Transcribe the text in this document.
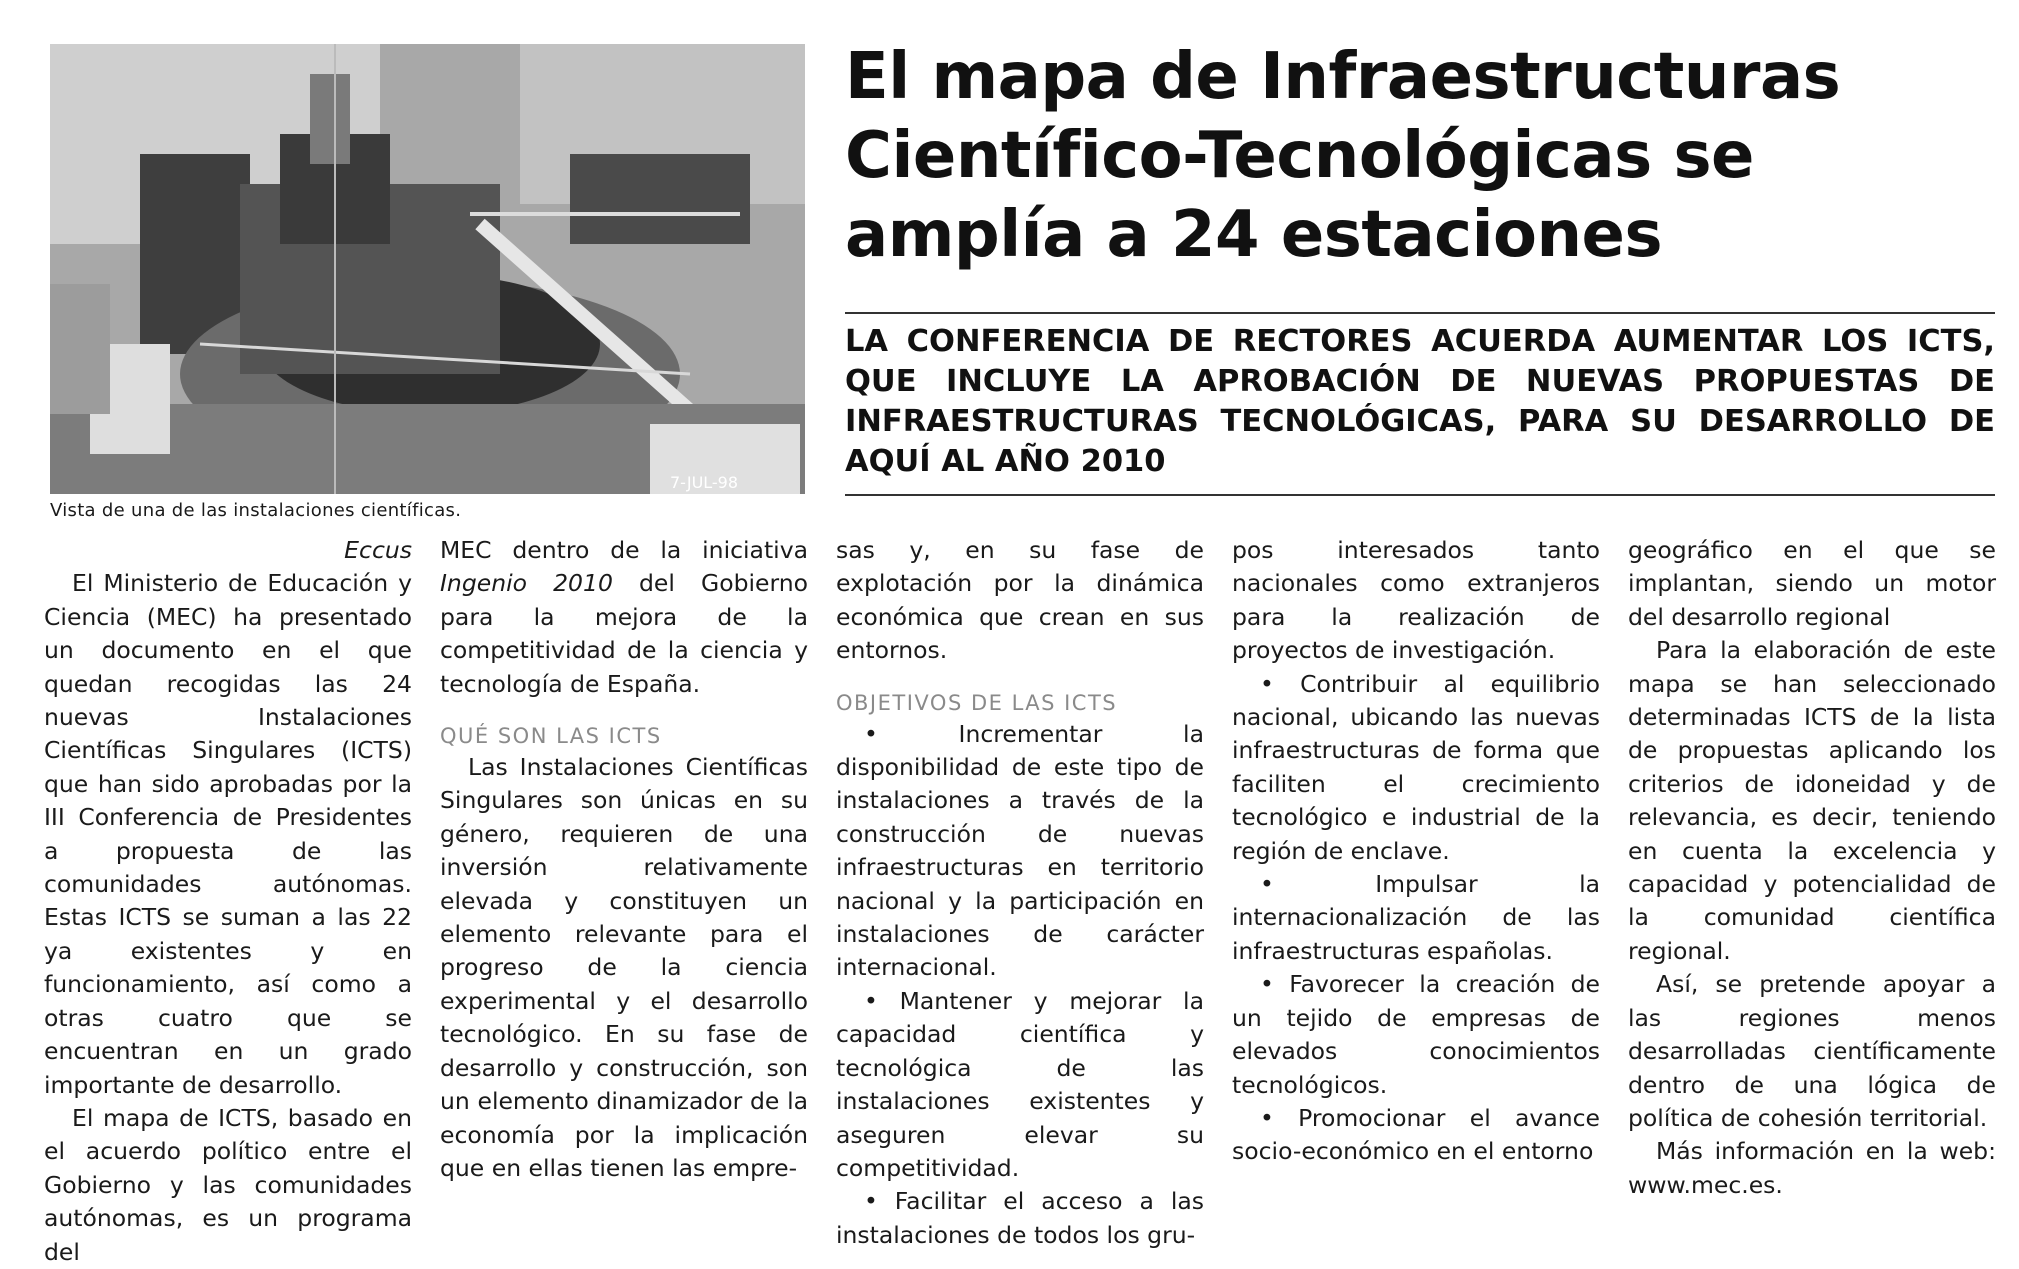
7-JUL-98
Vista de una de las instalaciones científicas.
El mapa de Infraestructuras
Científico-Tecnológicas se
amplía a 24 estaciones

LA CONFERENCIA DE RECTORES ACUERDA AUMENTAR LOS ICTS, QUE INCLUYE LA APROBACIÓN DE NUEVAS PROPUESTAS DE INFRAESTRUCTURAS TECNOLÓGICAS, PARA SU DESARROLLO DE AQUÍ AL AÑO 2010

Eccus

El Ministerio de Educación y Ciencia (MEC) ha presentado un documento en el que quedan recogidas las 24 nuevas Instalaciones Científicas Singulares (ICTS) que han sido aprobadas por la III Conferencia de Presidentes a propuesta de las comunidades autónomas. Estas ICTS se suman a las 22 ya existentes y en funcionamiento, así como a otras cuatro que se encuentran en un grado importante de desarrollo.

El mapa de ICTS, basado en el acuerdo político entre el Gobierno y las comunidades autónomas, es un programa del

MEC dentro de la iniciativa Ingenio 2010 del Gobierno para la mejora de la competitividad de la ciencia y tecnología de España.

QUÉ SON LAS ICTS

Las Instalaciones Científicas Singulares son únicas en su género, requieren de una inversión relativamente elevada y constituyen un elemento relevante para el progreso de la ciencia experimental y el desarrollo tecnológico. En su fase de desarrollo y construcción, son un elemento dinamizador de la economía por la implicación que en ellas tienen las empre-

sas y, en su fase de explotación por la dinámica económica que crean en sus entornos.

OBJETIVOS DE LAS ICTS

• Incrementar la disponibilidad de este tipo de instalaciones a través de la construcción de nuevas infraestructuras en territorio nacional y la participación en instalaciones de carácter internacional.

• Mantener y mejorar la capacidad científica y tecnológica de las instalaciones existentes y aseguren elevar su competitividad.

• Facilitar el acceso a las instalaciones de todos los gru-

pos interesados tanto nacionales como extranjeros para la realización de proyectos de investigación.

• Contribuir al equilibrio nacional, ubicando las nuevas infraestructuras de forma que faciliten el crecimiento tecnológico e industrial de la región de enclave.

• Impulsar la internacionalización de las infraestructuras españolas.

• Favorecer la creación de un tejido de empresas de elevados conocimientos tecnológicos.

• Promocionar el avance socio-económico en el entorno

geográfico en el que se implantan, siendo un motor del desarrollo regional

Para la elaboración de este mapa se han seleccionado determinadas ICTS de la lista de propuestas aplicando los criterios de idoneidad y de relevancia, es decir, teniendo en cuenta la excelencia y capacidad y potencialidad de la comunidad científica regional.

Así, se pretende apoyar a las regiones menos desarrolladas científicamente dentro de una lógica de política de cohesión territorial.

Más información en la web: www.mec.es.
